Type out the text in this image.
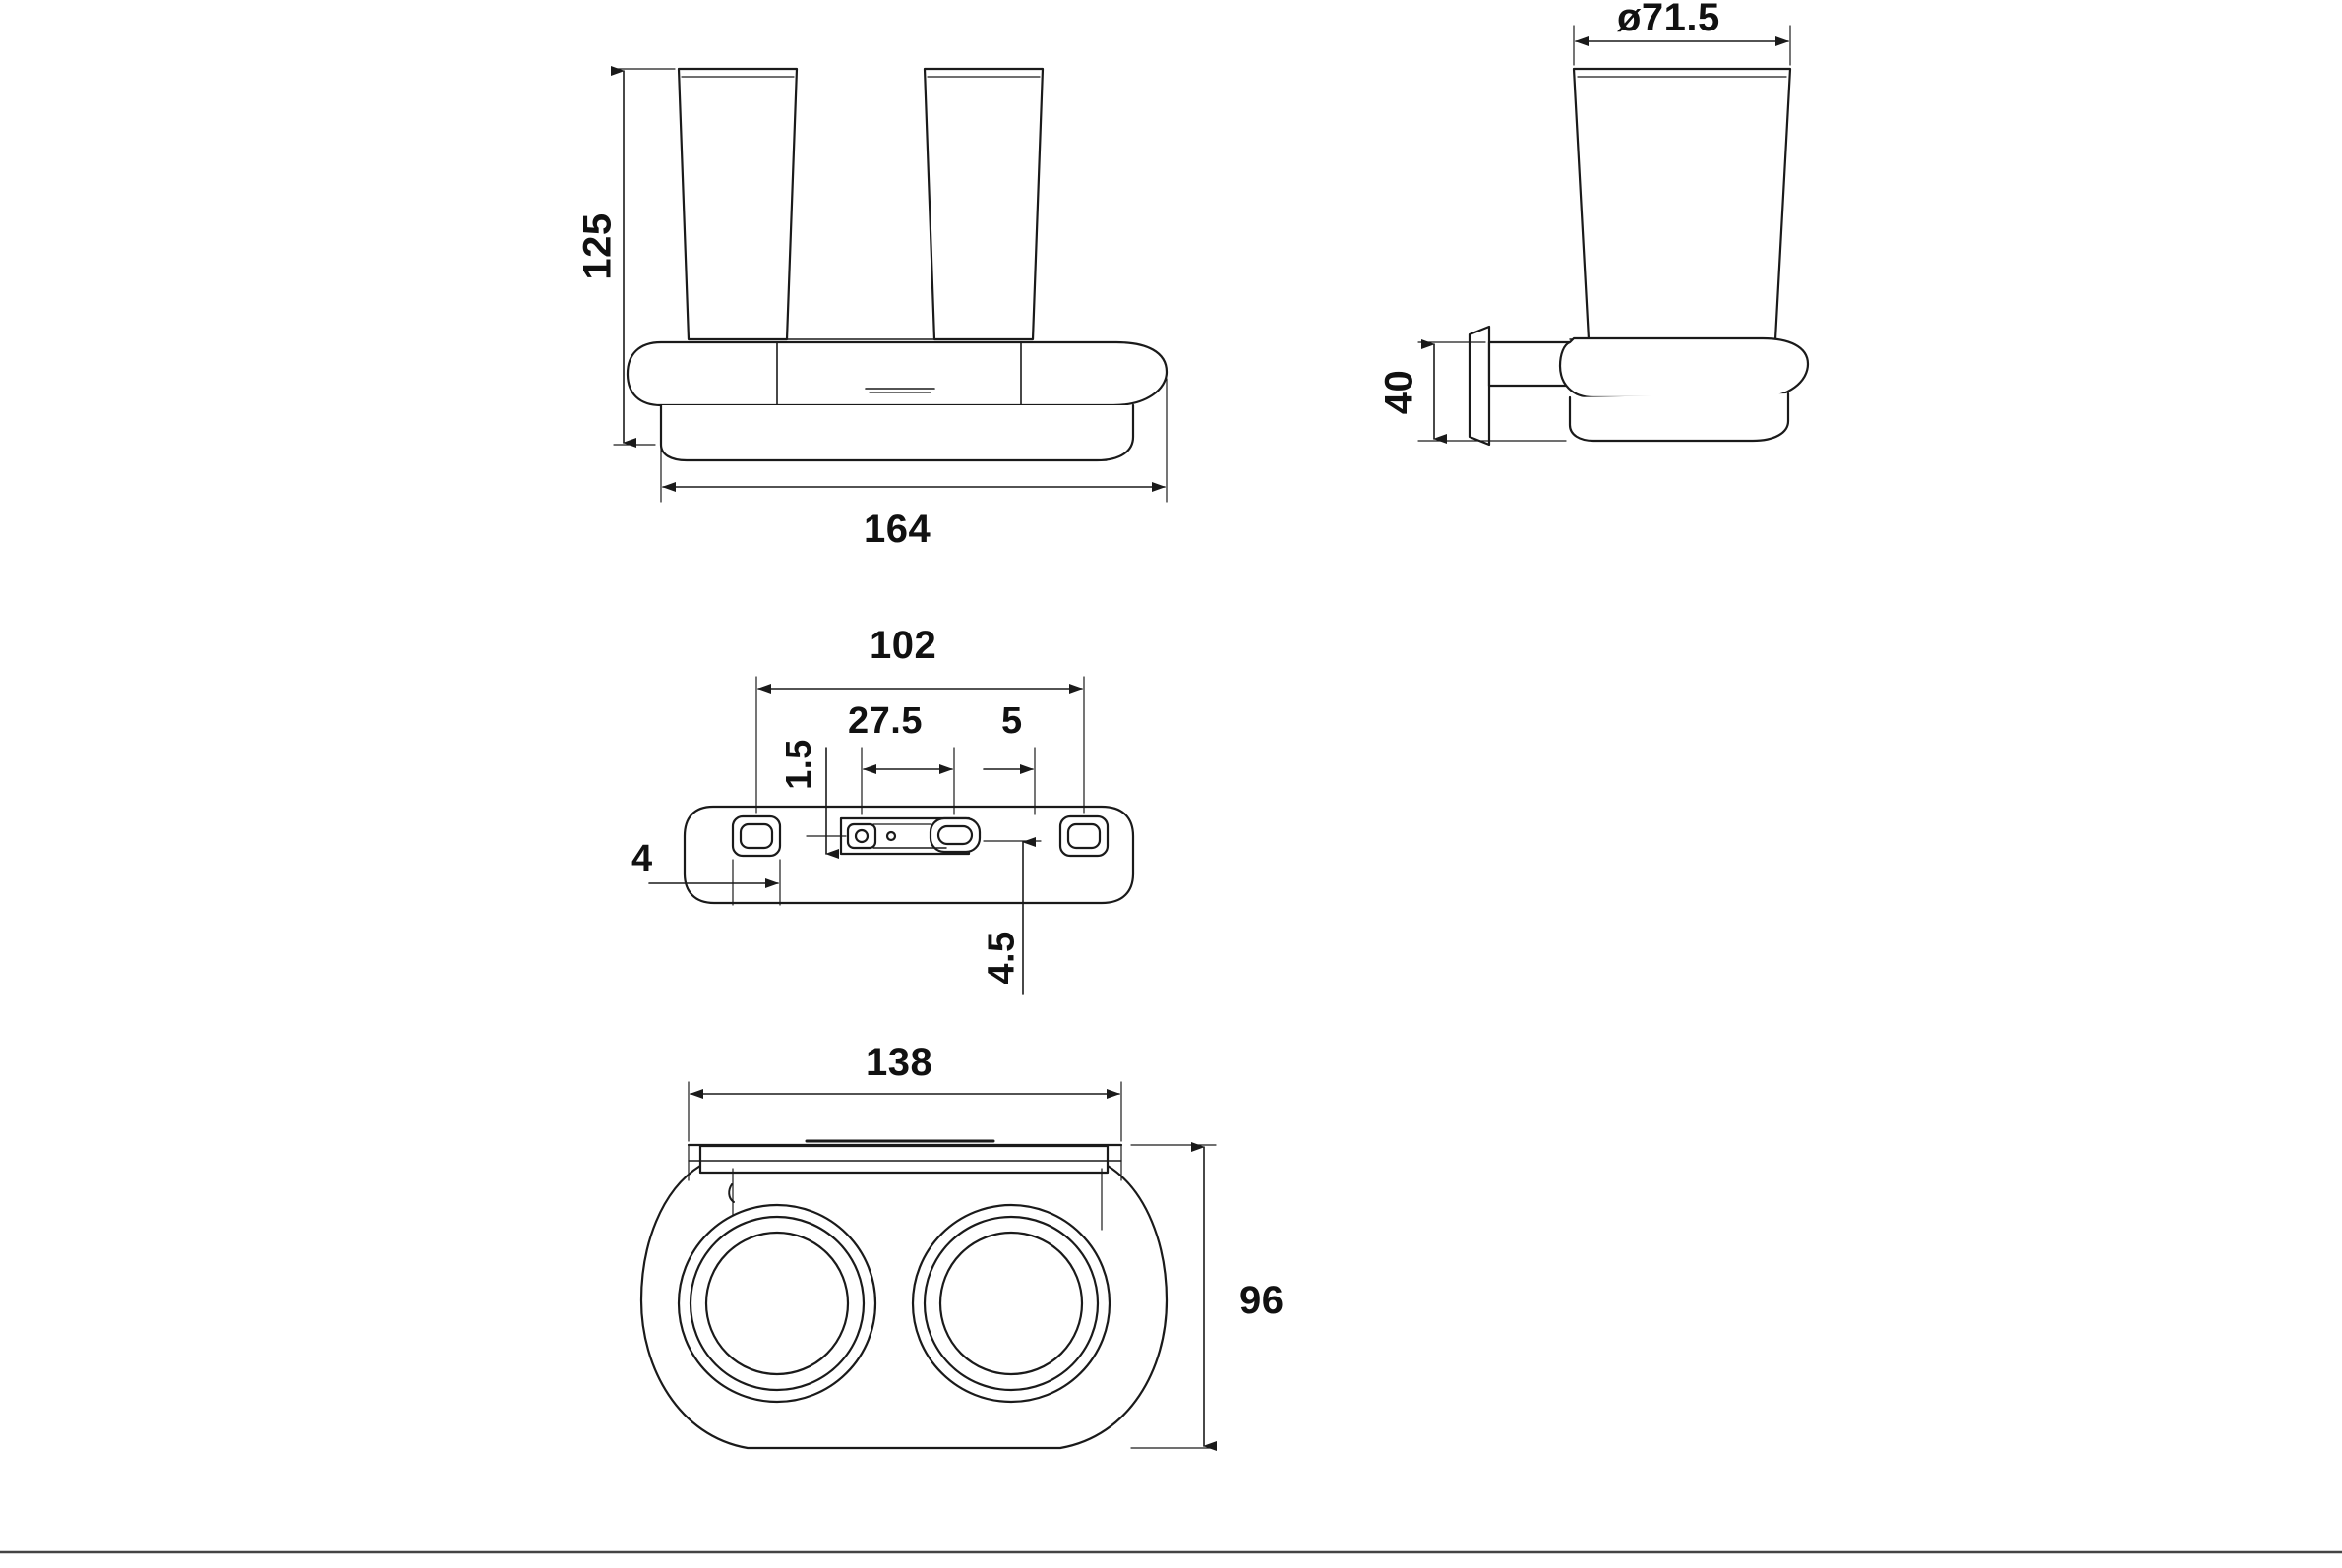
125
164
ø71.5
40
102
1.5
27.5 5
4
4.5
138
96
